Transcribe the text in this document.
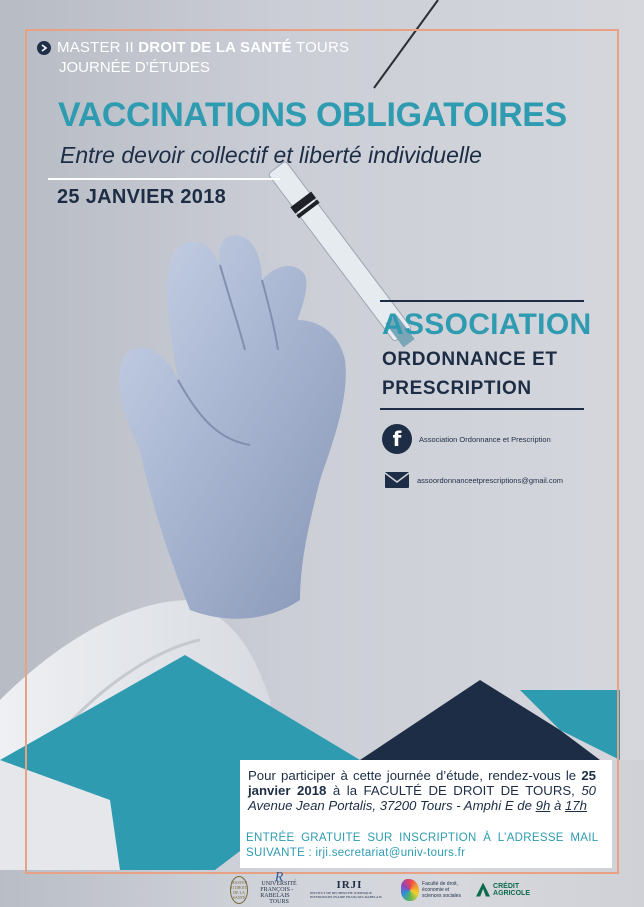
MASTER II DROIT DE LA SANTÉ TOURS
JOURNÉE D’ÉTUDES
VACCINATIONS OBLIGATOIRES
Entre devoir collectif et liberté individuelle
25 JANVIER 2018
ASSOCIATION
ORDONNANCE ET
PRESCRIPTION
f	Association Ordonnance et Prescription
assoordonnanceetprescriptions@gmail.com
Pour participer à cette journée d’étude, rendez-vous le 25 janvier 2018 à la FACULTÉ DE DROIT DE TOURS, 50 Avenue Jean Portalis, 37200 Tours - Amphi E de 9h à 17h
ENTRÉE GRATUITE SUR INSCRIPTION À L’ADRESSE MAIL SUIVANTE : irji.secretariat@univ-tours.fr
MASTER II DROIT DE LA SANTÉ
R
UNIVERSITÉ
FRANÇOIS - RABELAIS
TOURS
IRJI
INSTITUT DE RECHERCHE JURIDIQUE INTERDISCIPLINAIRE FRANÇOIS-RABELAIS
Faculté de droit, économie et sciences sociales
CRÉDIT
AGRICOLE
